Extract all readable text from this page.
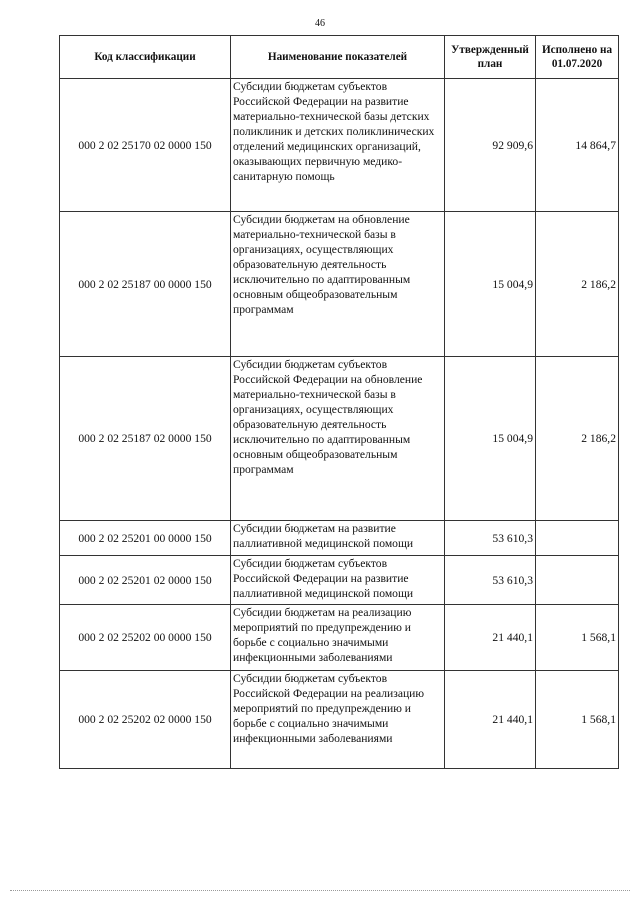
46
Код классификации	Наименование показателей	Утвержденный план	Исполнено на 01.07.2020
000 2 02 25170 02 0000 150	Субсидии бюджетам субъектов Российской Федерации на развитие материально-технической базы детских поликлиник и детских поликлинических отделений медицинских организаций, оказывающих первичную медико-санитарную помощь	92 909,6	14 864,7
000 2 02 25187 00 0000 150	Субсидии бюджетам на обновление материально-технической базы в организациях, осуществляющих образовательную деятельность исключительно по адаптированным основным общеобразовательным программам	15 004,9	2 186,2
000 2 02 25187 02 0000 150	Субсидии бюджетам субъектов Российской Федерации на обновление материально-технической базы в организациях, осуществляющих образовательную деятельность исключительно по адаптированным основным общеобразовательным программам	15 004,9	2 186,2
000 2 02 25201 00 0000 150	Субсидии бюджетам на развитие паллиативной медицинской помощи	53 610,3	
000 2 02 25201 02 0000 150	Субсидии бюджетам субъектов Российской Федерации на развитие паллиативной медицинской помощи	53 610,3	
000 2 02 25202 00 0000 150	Субсидии бюджетам на реализацию мероприятий по предупреждению и борьбе с социально значимыми инфекционными заболеваниями	21 440,1	1 568,1
000 2 02 25202 02 0000 150	Субсидии бюджетам субъектов Российской Федерации на реализацию мероприятий по предупреждению и борьбе с социально значимыми инфекционными заболеваниями	21 440,1	1 568,1
